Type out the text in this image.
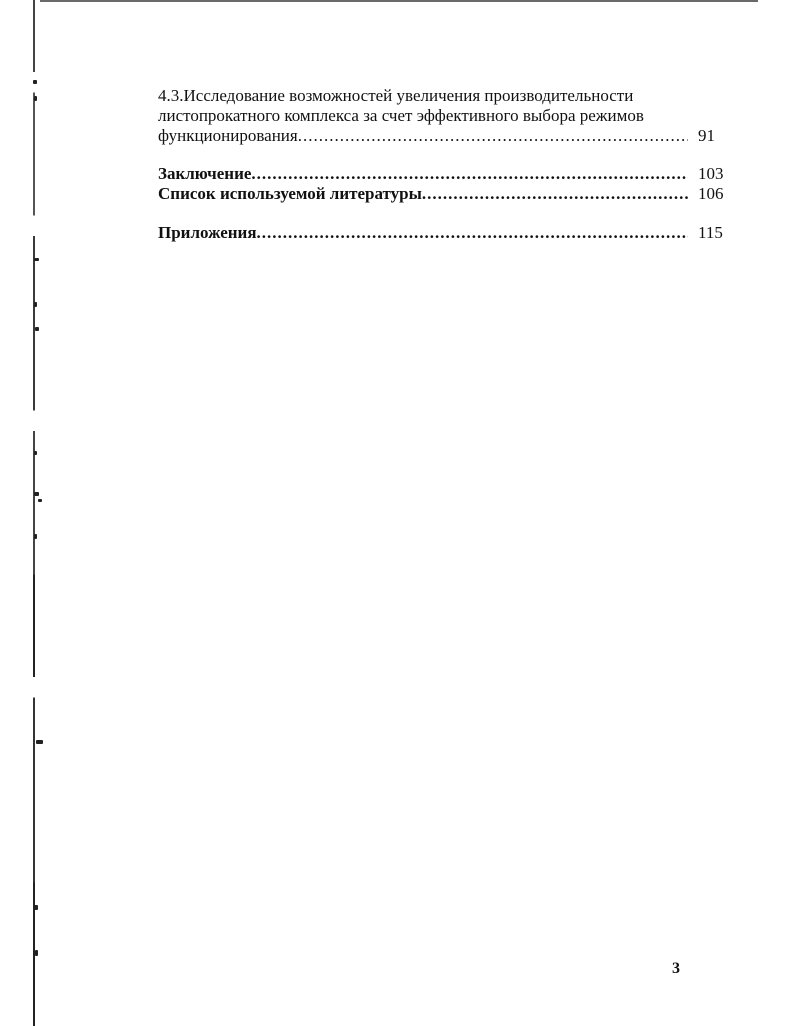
4.3.Исследование возможностей увеличения производительности
листопрокатного комплекса за счет эффективного выбора режимов
функционирования .....	91
Заключение .....	103
Список используемой литературы .....	106
Приложения .....	115
3
